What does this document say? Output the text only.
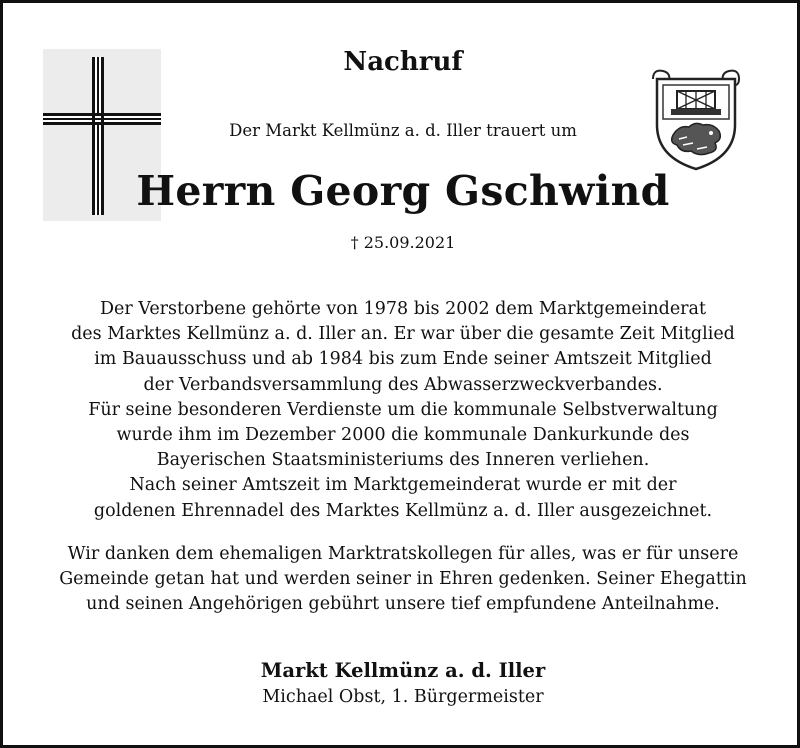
Nachruf
Der Markt Kellmünz a. d. Iller trauert um
Herrn Georg Gschwind
† 25.09.2021

Der Verstorbene gehörte von 1978 bis 2002 dem Marktgemeinderat
des Marktes Kellmünz a. d. Iller an. Er war über die gesamte Zeit Mitglied
im Bauausschuss und ab 1984 bis zum Ende seiner Amtszeit Mitglied
der Verbandsversammlung des Abwasserzweckverbandes.
Für seine besonderen Verdienste um die kommunale Selbstverwaltung
wurde ihm im Dezember 2000 die kommunale Dankurkunde des
Bayerischen Staatsministeriums des Inneren verliehen.
Nach seiner Amtszeit im Marktgemeinderat wurde er mit der
goldenen Ehrennadel des Marktes Kellmünz a. d. Iller ausgezeichnet.

Wir danken dem ehemaligen Marktratskollegen für alles, was er für unsere
Gemeinde getan hat und werden seiner in Ehren gedenken. Seiner Ehegattin
und seinen Angehörigen gebührt unsere tief empfundene Anteilnahme.

Markt Kellmünz a. d. Iller
Michael Obst, 1. Bürgermeister
